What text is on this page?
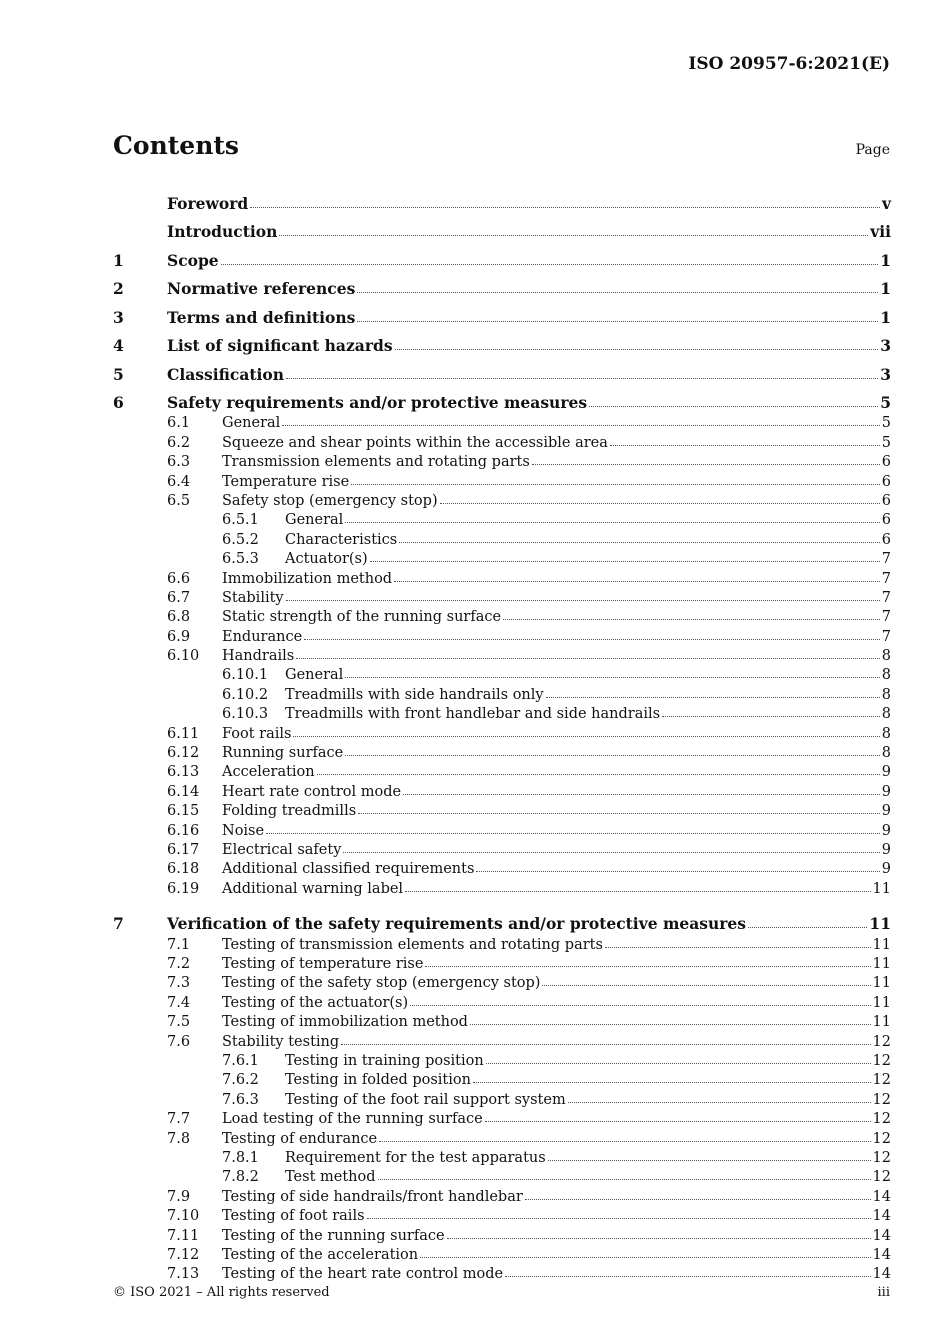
ISO 20957-6:2021(E)
Contents	Page
Foreword	v
Introduction	vii
1	Scope	1
2	Normative references	1
3	Terms and definitions	1
4	List of significant hazards	3
5	Classification	3
6	Safety requirements and/or protective measures	5
6.1	General	5
6.2	Squeeze and shear points within the accessible area	5
6.3	Transmission elements and rotating parts	6
6.4	Temperature rise	6
6.5	Safety stop (emergency stop)	6
6.5.1	General	6
6.5.2	Characteristics	6
6.5.3	Actuator(s)	7
6.6	Immobilization method	7
6.7	Stability	7
6.8	Static strength of the running surface	7
6.9	Endurance	7
6.10	Handrails	8
6.10.1	General	8
6.10.2	Treadmills with side handrails only	8
6.10.3	Treadmills with front handlebar and side handrails	8
6.11	Foot rails	8
6.12	Running surface	8
6.13	Acceleration	9
6.14	Heart rate control mode	9
6.15	Folding treadmills	9
6.16	Noise	9
6.17	Electrical safety	9
6.18	Additional classified requirements	9
6.19	Additional warning label	11
7	Verification of the safety requirements and/or protective measures	11
7.1	Testing of transmission elements and rotating parts	11
7.2	Testing of temperature rise	11
7.3	Testing of the safety stop (emergency stop)	11
7.4	Testing of the actuator(s)	11
7.5	Testing of immobilization method	11
7.6	Stability testing	12
7.6.1	Testing in training position	12
7.6.2	Testing in folded position	12
7.6.3	Testing of the foot rail support system	12
7.7	Load testing of the running surface	12
7.8	Testing of endurance	12
7.8.1	Requirement for the test apparatus	12
7.8.2	Test method	12
7.9	Testing of side handrails/front handlebar	14
7.10	Testing of foot rails	14
7.11	Testing of the running surface	14
7.12	Testing of the acceleration	14
7.13	Testing of the heart rate control mode	14
© ISO 2021 – All rights reserved	iii
